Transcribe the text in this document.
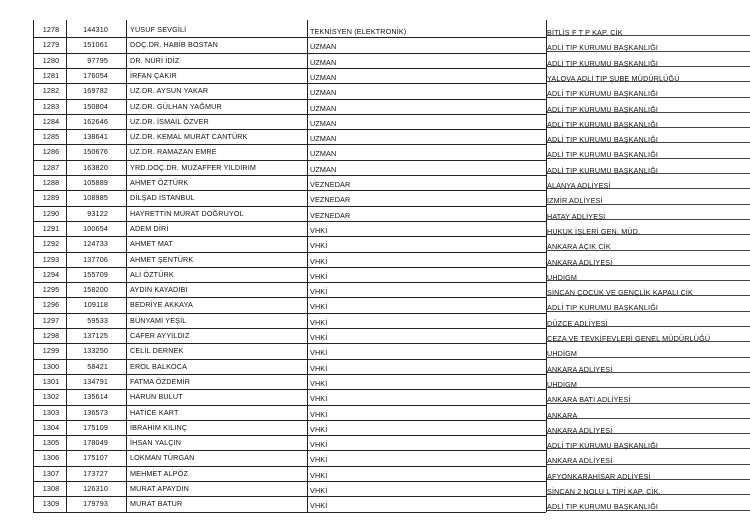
1278	144310	YUSUF SEVGİLİ	TEKNİSYEN (ELEKTRONİK)	BİTLİS F T P KAP. CİK
1279	151061	DOÇ.DR. HABİB BOSTAN	UZMAN	ADLİ TIP KURUMU BAŞKANLIĞI
1280	97795	DR. NURİ İDİZ	UZMAN	ADLİ TIP KURUMU BAŞKANLIĞI
1281	176054	İRFAN ÇAKIR	UZMAN	YALOVA ADLİ TIP ŞUBE MÜDÜRLÜĞÜ
1282	169782	UZ.DR. AYSUN YAKAR	UZMAN	ADLİ TIP KURUMU BAŞKANLIĞI
1283	150804	UZ.DR. GÜLHAN YAĞMUR	UZMAN	ADLİ TIP KURUMU BAŞKANLIĞI
1284	162646	UZ.DR. İSMAİL ÖZVER	UZMAN	ADLİ TIP KURUMU BAŞKANLIĞI
1285	138641	UZ.DR. KEMAL MURAT CANTÜRK	UZMAN	ADLİ TIP KURUMU BAŞKANLIĞI
1286	150676	UZ.DR. RAMAZAN EMRE	UZMAN	ADLİ TIP KURUMU BAŞKANLIĞI
1287	163820	YRD.DOÇ.DR. MUZAFFER YILDIRIM	UZMAN	ADLİ TIP KURUMU BAŞKANLIĞI
1288	105889	AHMET ÖZTÜRK	VEZNEDAR	ALANYA ADLİYESİ
1289	108985	DİLŞAD İSTANBUL	VEZNEDAR	İZMİR ADLİYESİ
1290	93122	HAYRETTİN MURAT DOĞRUYOL	VEZNEDAR	HATAY ADLİYESİ
1291	100654	ADEM DİRİ	VHKİ	HUKUK İŞLERİ GEN. MÜD.
1292	124733	AHMET MAT	VHKİ	ANKARA AÇIK CİK
1293	137706	AHMET ŞENTÜRK	VHKİ	ANKARA ADLİYESİ
1294	155709	ALİ ÖZTÜRK	VHKİ	UHDİGM
1295	158200	AYDIN KAYADIBI	VHKİ	SİNCAN ÇOCUK VE GENÇLİK KAPALI CİK
1296	109118	BEDRİYE AKKAYA	VHKİ	ADLİ TIP KURUMU BAŞKANLIĞI
1297	59533	BÜNYAMİ YEŞİL	VHKİ	DÜZCE ADLİYESİ
1298	137125	CAFER AYYILDIZ	VHKİ	CEZA VE TEVKİFEVLERİ GENEL MÜDÜRLÜĞÜ
1299	133250	CELİL DERNEK	VHKİ	UHDİGM
1300	58421	EROL BALKOCA	VHKİ	ANKARA ADLİYESİ
1301	134791	FATMA ÖZDEMİR	VHKİ	UHDİGM
1302	135614	HARUN BULUT	VHKİ	ANKARA BATI ADLİYESİ
1303	136573	HATİCE KART	VHKİ	ANKARA
1304	175109	İBRAHİM KILINÇ	VHKİ	ANKARA ADLİYESİ
1305	178049	İHSAN YALÇIN	VHKİ	ADLİ TIP KURUMU BAŞKANLIĞI
1306	175107	LOKMAN TÜRGAN	VHKİ	ANKARA ADLİYESİ
1307	173727	MEHMET ALPÖZ	VHKİ	AFYONKARAHİSAR ADLİYESİ
1308	126310	MURAT APAYDIN	VHKİ	SİNCAN 2 NOLU L TİPİ KAP. CİK.
1309	179793	MURAT BATUR	VHKİ	ADLİ TIP KURUMU BAŞKANLIĞI
